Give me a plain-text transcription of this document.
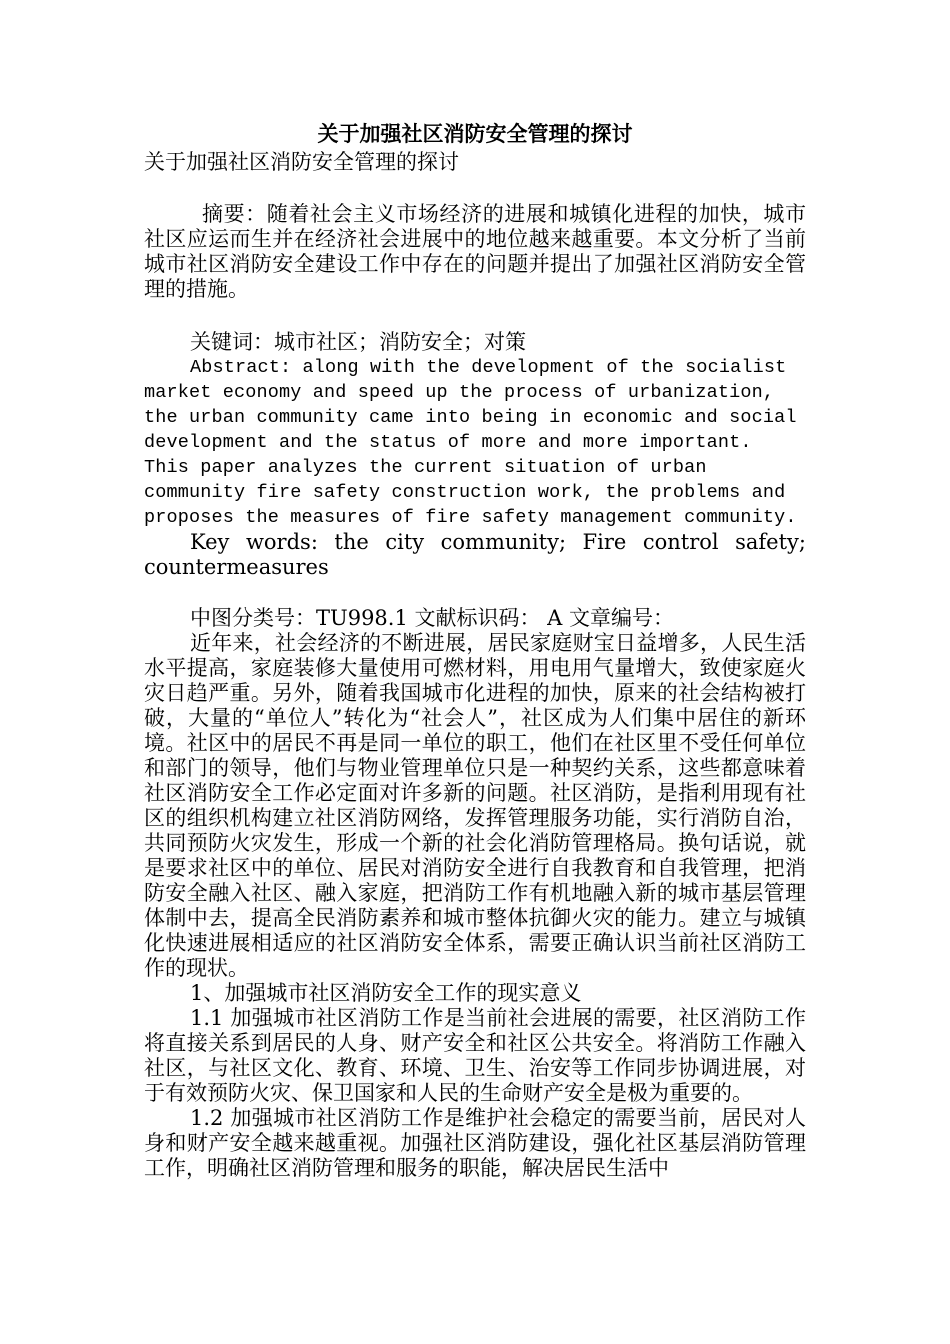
关于加强社区消防安全管理的探讨
关于加强社区消防安全管理的探讨

摘要：随着社会主义市场经济的进展和城镇化进程的加快，城市社区应运而生并在经济社会进展中的地位越来越重要。本文分析了当前城市社区消防安全建设工作中存在的问题并提出了加强社区消防安全管理的措施。

关键词：城市社区；消防安全；对策

Abstract: along with the development of the socialist market economy and speed up the process of urbanization, the urban community came into being in economic and social development and the status of more and more important. This paper analyzes the current situation of urban community fire safety construction work, the problems and proposes the measures of fire safety management community.

Key words: the city community; Fire control safety; countermeasures

中图分类号：TU998.1 文献标识码： A 文章编号：

近年来，社会经济的不断进展，居民家庭财宝日益增多，人民生活水平提高，家庭装修大量使用可燃材料，用电用气量增大，致使家庭火灾日趋严重。另外，随着我国城市化进程的加快，原来的社会结构被打破，大量的“单位人”转化为“社会人”，社区成为人们集中居住的新环境。社区中的居民不再是同一单位的职工，他们在社区里不受任何单位和部门的领导，他们与物业管理单位只是一种契约关系，这些都意味着社区消防安全工作必定面对许多新的问题。社区消防，是指利用现有社区的组织机构建立社区消防网络，发挥管理服务功能，实行消防自治，共同预防火灾发生，形成一个新的社会化消防管理格局。换句话说，就是要求社区中的单位、居民对消防安全进行自我教育和自我管理，把消防安全融入社区、融入家庭，把消防工作有机地融入新的城市基层管理体制中去，提高全民消防素养和城市整体抗御火灾的能力。建立与城镇化快速进展相适应的社区消防安全体系，需要正确认识当前社区消防工作的现状。

1、加强城市社区消防安全工作的现实意义

1.1 加强城市社区消防工作是当前社会进展的需要，社区消防工作将直接关系到居民的人身、财产安全和社区公共安全。将消防工作融入社区，与社区文化、教育、环境、卫生、治安等工作同步协调进展，对于有效预防火灾、保卫国家和人民的生命财产安全是极为重要的。

1.2 加强城市社区消防工作是维护社会稳定的需要当前，居民对人身和财产安全越来越重视。加强社区消防建设，强化社区基层消防管理工作，明确社区消防管理和服务的职能，解决居民生活中
